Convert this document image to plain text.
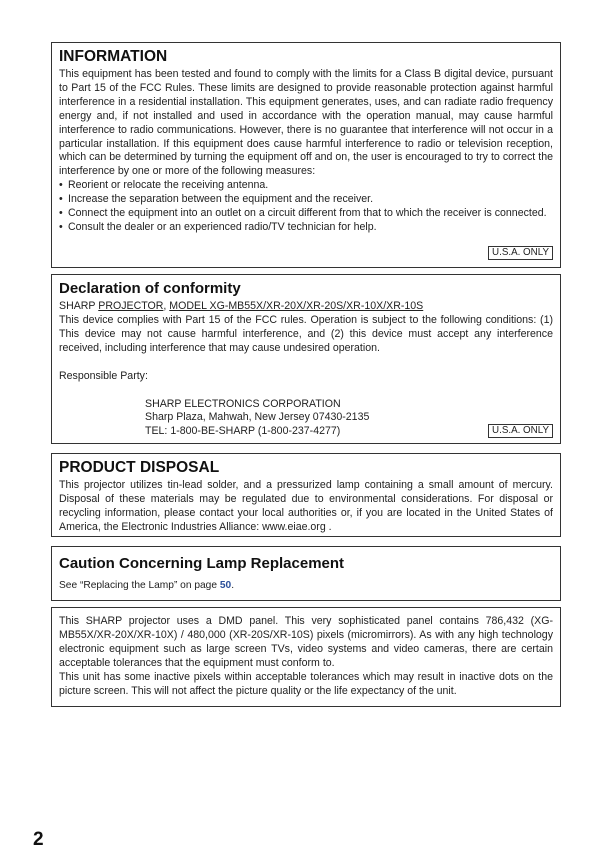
INFORMATION

This equipment has been tested and found to comply with the limits for a Class B digital device, pursuant to Part 15 of the FCC Rules. These limits are designed to provide reasonable protection against harmful interference in a residential installation. This equipment generates, uses, and can radiate radio frequency energy and, if not installed and used in accordance with the operation manual, may cause harmful interference to radio communications. However, there is no guarantee that interference will not occur in a particular installation. If this equipment does cause harmful interference to radio or television reception, which can be determined by turning the equipment off and on, the user is encouraged to try to correct the interference by one or more of the following measures:

• Reorient or relocate the receiving antenna.
• Increase the separation between the equipment and the receiver.
• Connect the equipment into an outlet on a circuit different from that to which the receiver is connected.
• Consult the dealer or an experienced radio/TV technician for help.
U.S.A. ONLY
Declaration of conformity

SHARP PROJECTOR, MODEL XG-MB55X/XR-20X/XR-20S/XR-10X/XR-10S

This device complies with Part 15 of the FCC rules. Operation is subject to the following conditions: (1) This device may not cause harmful interference, and (2) this device must accept any interference received, including interference that may cause undesired operation.

Responsible Party:

SHARP ELECTRONICS CORPORATION

Sharp Plaza, Mahwah, New Jersey 07430-2135

TEL: 1-800-BE-SHARP (1-800-237-4277)	U.S.A. ONLY
PRODUCT DISPOSAL

This projector utilizes tin-lead solder, and a pressurized lamp containing a small amount of mercury. Disposal of these materials may be regulated due to environmental considerations. For disposal or recycling information, please contact your local authorities or, if you are located in the United States of America, the Electronic Industries Alliance: www.eiae.org .

Caution Concerning Lamp Replacement

See “Replacing the Lamp” on page 50.

This SHARP projector uses a DMD panel. This very sophisticated panel contains 786,432 (XG-MB55X/XR-20X/XR-10X) / 480,000 (XR-20S/XR-10S) pixels (micromirrors). As with any high technology electronic equipment such as large screen TVs, video systems and video cameras, there are certain acceptable tolerances that the equipment must conform to.

This unit has some inactive pixels within acceptable tolerances which may result in inactive dots on the picture screen. This will not affect the picture quality or the life expectancy of the unit.

2
